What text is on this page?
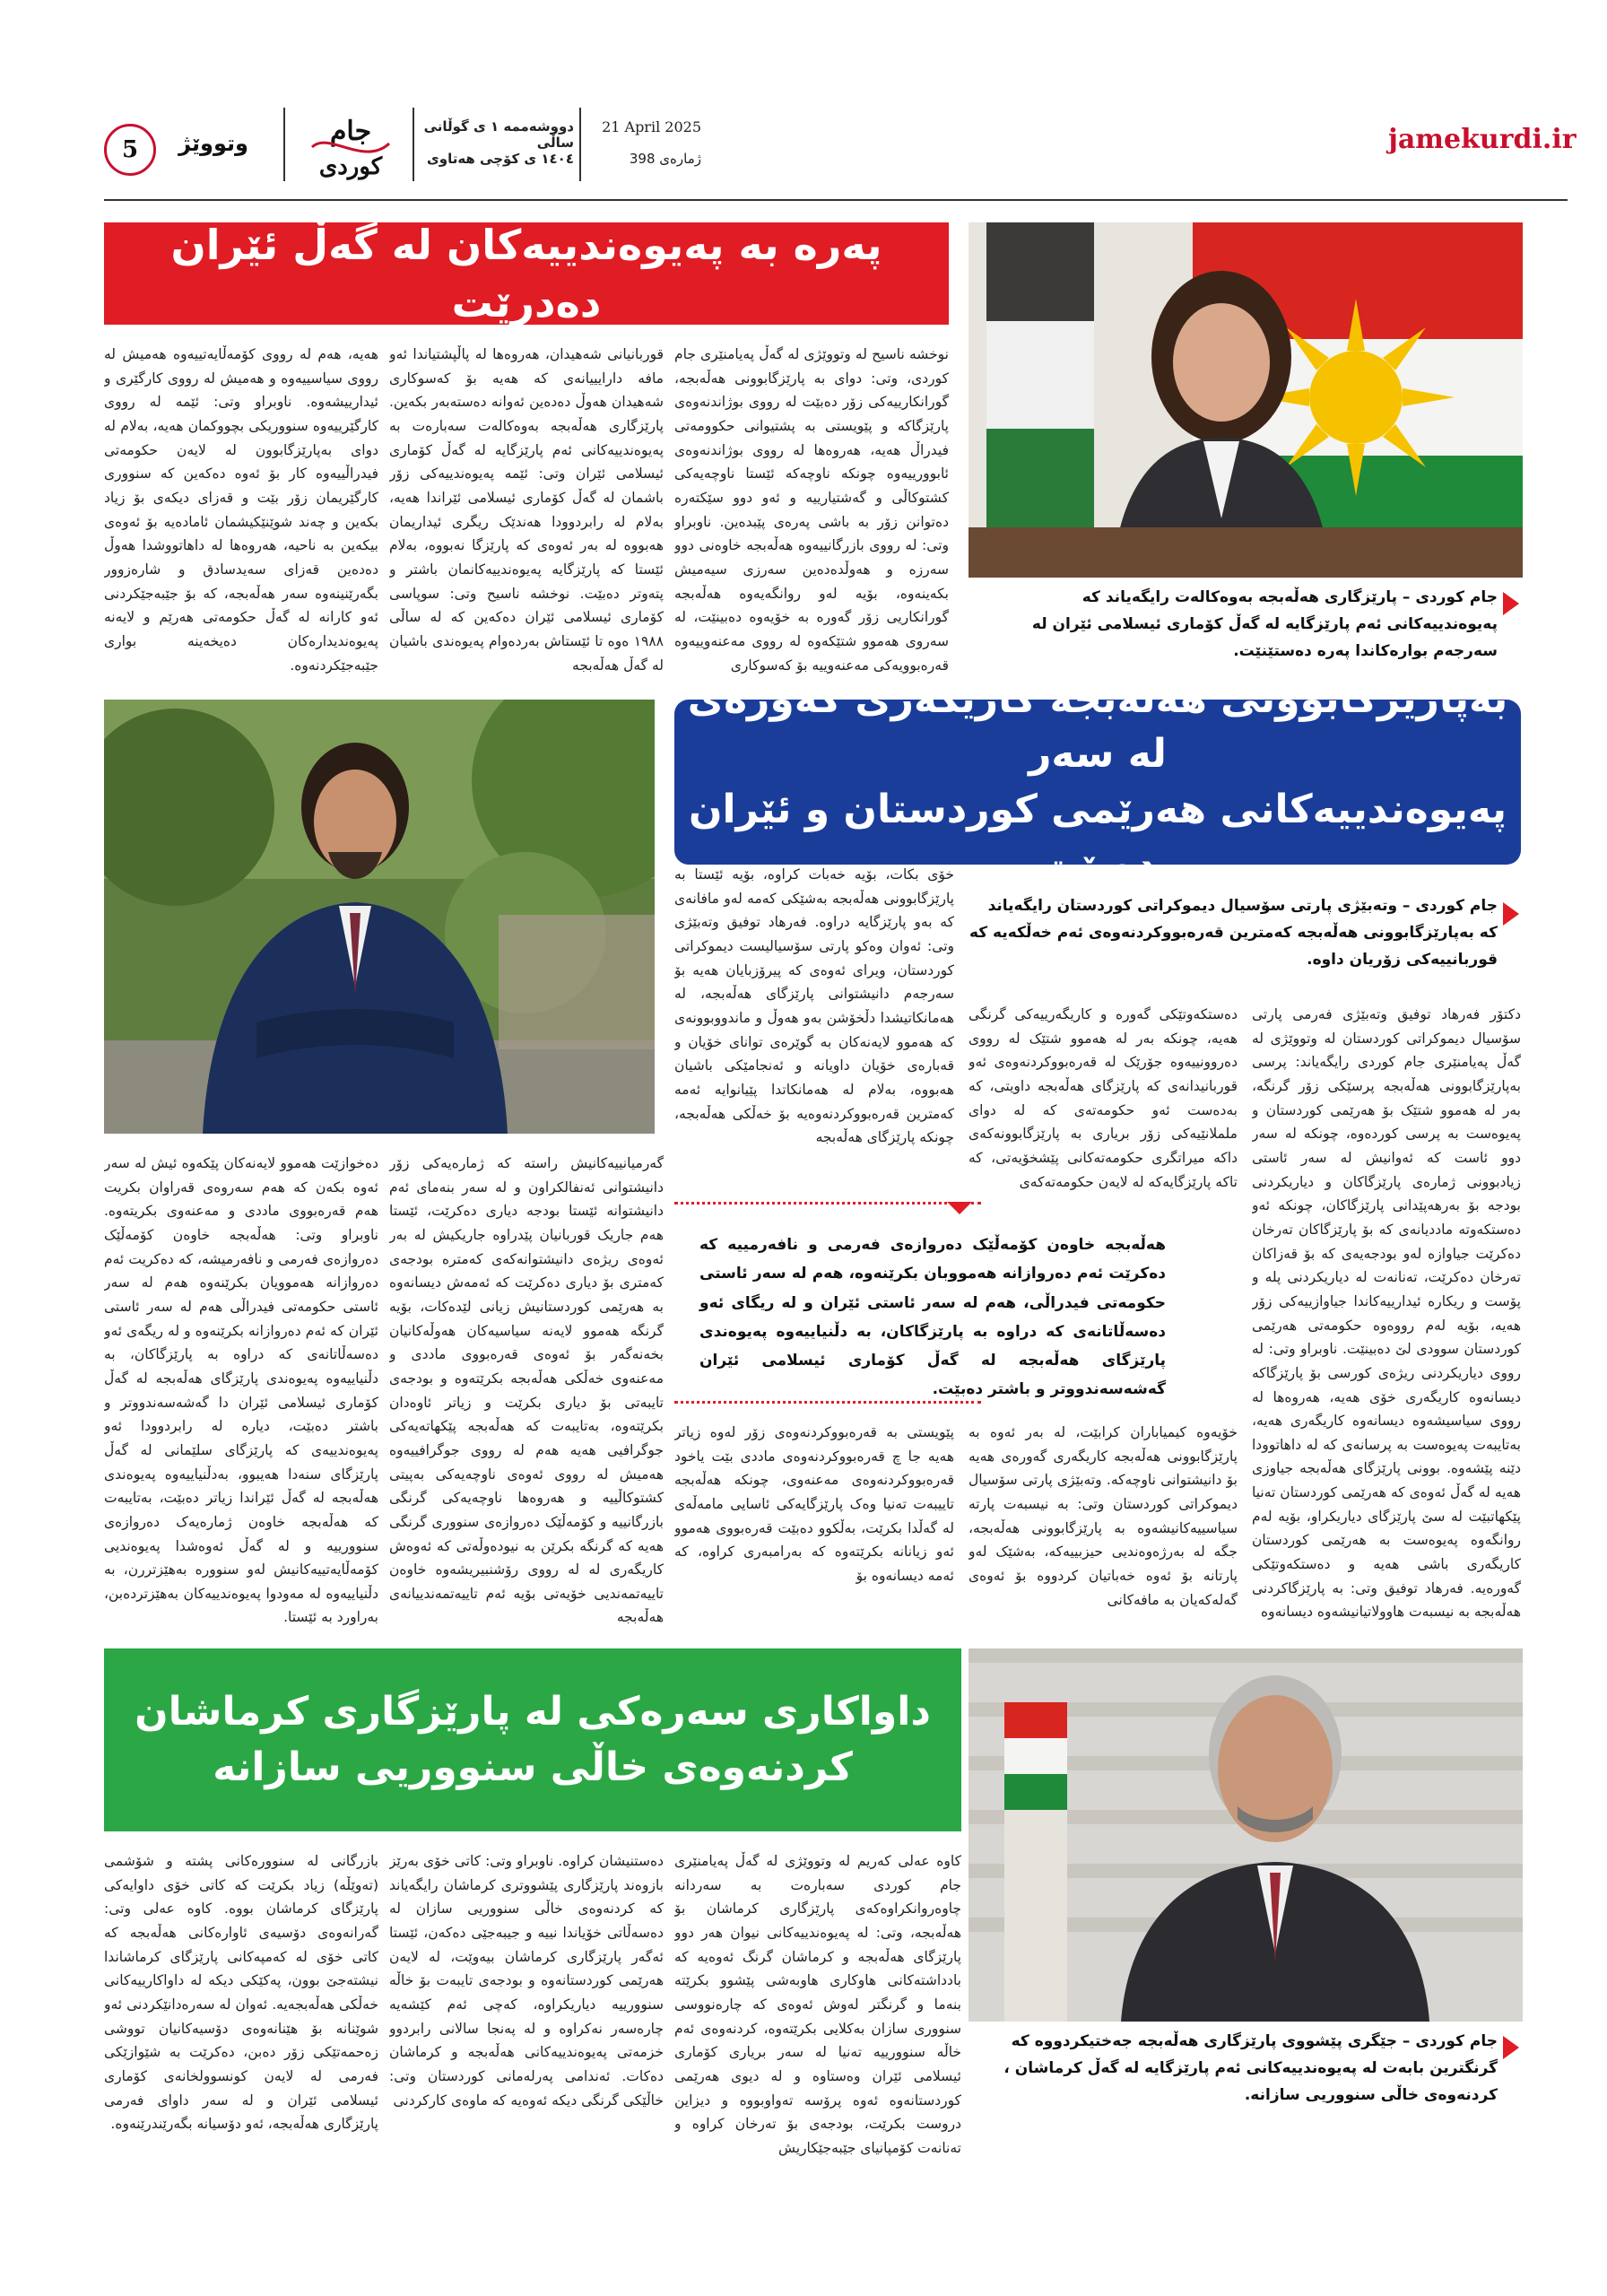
jamekurdi.ir
5	وتووێژ	جام
کوردی
دووشەممە ١ ی گوڵانی ساڵی
١٤٠٤ ی کۆچی هەتاوی
21 April 2025
ژمارەی 398
جام کوردی – پارێزگاری هەڵەبجە بەوەکالەت رایگەیاند کە پەیوەندییەکانی ئەم پارێزگایە لە گەڵ کۆماری ئیسلامی ئێران لە سەرجەم بوارەکاندا پەرە دەستێنێت.
پەرە بە پەیوەندییەکان لە گەڵ ئێران دەدرێت
نوخشە ناسیح لە وتووێژی لە گەڵ پەیامنێری جام کوردی، وتی: دوای بە پارێزگابوونی هەڵەبجە، گورانکارییەکی زۆر دەبێت لە رووی بوژاندنەوەی پارێزگاکە و پێویستی بە پشتیوانی حکوومەتی فیدراڵ هەیە، هەروەها لە رووی بوژاندنەوەی ئابوورییەوە چونکە ناوچەکە ئێستا ناوچەیەکی کشتوکاڵی و گەشتیارییە و ئەو دوو سێکتەرە دەتوانن زۆر بە باشی پەرەی پێبدەین. ناوبراو وتی: لە رووی بازرگانییەوە هەڵەبجە خاوەنی دوو سەرزە و هەوڵدەدەین سەرزی سیەمیش بکەینەوە، بۆیە لەو روانگەیەوە هەڵەبجە گورانکاریی زۆر گەورە بە خۆیەوە دەبینێت، لە سەروی هەموو شتێکەوە لە رووی مەعنەوییەوە قەرەبوویەکی مەعنەوییە بۆ کەسوکاری
قوربانیانی شەهیدان، هەروەها لە پاڵپشتیاندا ئەو مافە دارایییانەی کە هەیە بۆ کەسوکاری شەهیدان هەوڵ دەدەین ئەوانە دەستەبەر بکەین. پارێزگاری هەڵەبجە بەوەکالەت سەبارەت بە پەیوەندییەکانی ئەم پارێزگایە لە گەڵ کۆماری ئیسلامی ئێران وتی: ئێمە پەیوەندییەکی زۆر باشمان لە گەڵ کۆماری ئیسلامی ئێراندا هەیە، بەلام لە رابردوودا هەندێک ریگری ئیداریمان هەبووە لە بەر ئەوەی کە پارێزگا نەبووە، بەلام ئێستا کە پارێزگایە پەیوەندییەکانمان باشتر و پتەوتر دەبێت. نوخشە ناسیح وتی: سوپاسی کۆماری ئیسلامی ئێران دەکەین کە لە ساڵی ١٩٨٨ ەوە تا ئێستاش بەردەوام پەیوەندی باشیان لە گەڵ هەڵەبجە
هەیە، هەم لە رووی کۆمەڵایەتییەوە هەمیش لە رووی سیاسییەوە و هەمیش لە رووی کارگێری و ئیدارییشەوە. ناوبراو وتی: ئێمە لە رووی کارگێرییەوە سنووریکی بچووکمان هەیە، بەلام لە دوای بەپارێزگابوون لە لایەن حکومەتی فیدراڵییەوە کار بۆ ئەوە دەکەین کە سنووری کارگێریمان زۆر بێت و قەزای دیکەی بۆ زیاد بکەین و چەند شوێنێکیشمان ئامادەیە بۆ ئەوەی بیکەین بە ناحیە، هەروەها لە داهاتووشدا هەوڵ دەدەین قەزای سەیدسادق و شارەزوور بگەرێنینەوە سەر هەڵەبجە، کە بۆ جێبەجێکردنی ئەو کارانە لە گەڵ حکومەتی هەرێم و لایەنە پەیوەندیدارەکان دەیخەینە بواری جێبەجێکردنەوە.
بەپارێزگابوونی هەڵەبجە کاریگەری گەورەی لە سەر
پەیوەندییەکانی هەرێمی کوردستان و ئێران دەبێت
جام کوردی – وتەبێژی پارتی سۆسیال دیموکراتی کوردستان رایگەیاند کە بەپارێزگابوونی هەڵەبجە کەمترین قەرەبووکردنەوەی ئەم خەڵکەیە کە قوربانییەکی زۆریان داوە.
خۆی بکات، بۆیە خەبات کراوە، بۆیە ئێستا بە پارێزگابوونی هەڵەبجە بەشێکی کەمە لەو مافانەی کە بەو پارێزگایە دراوە. فەرهاد توفیق وتەبێژی وتی: ئەوان وەکو پارتی سۆسیالیست دیموکراتی کوردستان، ویرای ئەوەی کە پیرۆزبایان هەیە بۆ سەرجەم دانیشتوانی پارێزگای هەڵەبجە، لە هەمانکاتیشدا دڵخۆشن بەو هەوڵ و ماندووبوونەی کە هەموو لایەنەکان بە گوێرەی توانای خۆیان و قەبارەی خۆیان داویانە و ئەنجامێکی باشیان هەبووە، بەلام لە هەمانکاتدا پێیانوایە ئەمە کەمترین قەرەبووکردنەوەیە بۆ خەڵکی هەڵەبجە، چونکە پارێزگای هەڵەبجە
دەستکەوتێکی گەورە و کاریگەرییەکی گرنگی هەیە، چونکە بەر لە هەموو شتێک لە رووی دەروونییەوە جۆرێک لە قەرەبووکردنەوەی ئەو قوربانیدانەی کە پارێزگای هەڵەبجە داویتی، کە بەدەست ئەو حکومەتەی کە لە دوای ململانێیەکی زۆر بریاری بە پارێزگابوونەکەی داکە میراتگری حکومەتەکانی پێشخۆیەتی، کە تاکە پارێزگایەکە لە لایەن حکومەتەکەی
دکتۆر فەرهاد توفیق وتەبێژی فەرمی پارتی سۆسیال دیموکراتی کوردستان لە وتووێژی لە گەڵ پەیامنێری جام کوردی رایگەیاند: پرسی بەپارێزگابوونی هەڵەبجە پرسێکی زۆر گرنگە، بەر لە هەموو شتێک بۆ هەرێمی کوردستان و پەیوەست بە پرسی کوردەوە، چونکە لە سەر دوو ئاست کە ئەوانیش لە سەر ئاستی زیادبوونی ژمارەی پارێزگاکان و دیاریکردنی بودجە بۆ بەرهەپێدانی پارێزگاکان، چونکە ئەو دەستکەوتە ماددیانەی کە بۆ پارێزگاکان تەرخان دەکرێت جیاوازە لەو بودجەیەی کە بۆ قەزاکان تەرخان دەکرێت، تەنانەت لە دیاریکردنی پلە و پۆست و ریکارە ئیدارییەکاندا جیاوازییەکی زۆر هەیە، بۆیە لەم رووەوە حکومەتی هەرێمی کوردستان سوودی لێ دەبینێت. ناوبراو وتی: لە رووی دیاریکردنی ریژەی کورسی بۆ پارێزگاکە دیسانەوە کاریگەری خۆی هەیە، هەروەها لە رووی سیاسیشەوە دیسانەوە کاریگەری هەیە، بەتایبەت پەیوەست بە پرسانەی کە لە داهاتوودا دێنە پێشەوە. بوونی پارێزگای هەڵەبجە جیاوزی هەیە لە گەڵ ئەوەی کە هەرێمی کوردستان تەنیا پێکهاتبێت لە سێ پارێزگای دیاریکراو، بۆیە لەم روانگەوە پەیوەست بە هەرێمی کوردستان کاریگەری باشی هەیە و دەستکەوتێکی گەورەیە. فەرهاد توفیق وتی: بە پارێزگاکردنی هەڵەبجە بە نیسبەت هاوولاتیانیشەوە دیسانەوە
هەڵەبجە خاوەن کۆمەڵێک دەروازەی فەرمی و نافەرمییە کە دەکرێت ئەم دەروازانە هەمووبان بکرێنەوە، هەم لە سەر ئاستی حکومەتی فیدراڵی، هەم لە سەر ئاستی ئێران و لە ریگای ئەو دەسەڵاتانەی کە دراوە بە پارێزگاکان، بە دڵنیاییەوە پەیوەندی پارێزگای هەڵەبجە لە گەڵ کۆماری ئیسلامی ئێران گەشەسەندووتر و باشتر دەبێت.
خۆیەوە کیمیاباران کرابێت، لە بەر ئەوە بە پارێزگابوونی هەڵەبجە کاریگەری گەورەی هەیە بۆ دانیشتوانی ناوچەکە. وتەبێژی پارتی سۆسیال دیموکراتی کوردستان وتی: بە نیسبەت پارتە سیاسییەکانیشەوە بە پارێزگابوونی هەڵەبجە، جگە لە بەرژەوەندیی حیزبییەکە، بەشێک لەو پارتانە بۆ ئەوە خەباتیان کردووە بۆ ئەوەی گەلەکەیان بە مافەکانی
پێویستی بە قەرەبووکردنەوەی زۆر لەوە زیاتر هەیە جا چ قەرەبووکردنەوەی ماددی بێت یاخود قەرەبووکردنەوەی مەعنەوی، چونکە هەڵەبجە تاییبەت تەنیا وەک پارێزگایەکی ئاسایی مامەڵەی لە گەڵدا بکرێت، بەڵکوو دەبێت قەرەبووی هەموو ئەو زیانانە بکرێتەوە کە بەرامبەری کراوە، کە ئەمە دیسانەوە بۆ
گەرمیانییەکانیش راستە کە ژمارەیەکی زۆر دانیشتوانی ئەنفالکراون و لە سەر بنەمای ئەم دانیشتوانە ئێستا بودجە دیاری دەکرێت، ئێستا هەم جاریک قوربانیان پێدراوە جاریکیش لە بەر ئەوەی ریژەی دانیشتوانەکەی کەمترە بودجەی کەمتری بۆ دیاری دەکرێت کە ئەمەش دیسانەوە بە هەرێمی کوردستانیش زیانی لێدەکات، بۆیە گرنگە هەموو لایەنە سیاسیەکان هەوڵەکانیان بخەنەگەر بۆ ئەوەی قەرەبووی ماددی و مەعنەوی خەڵکی هەڵەبجە بکرێتەوە و بودجەی تایبەتی بۆ دیاری بکرێت و زیاتر ئاوەدان بکرێتەوە، بەتایبەت کە هەڵەبجە پێکهاتەیەکی جوگرافیی هەیە هەم لە رووی جوگرافییەوە هەمیش لە رووی ئەوەی ناوچەیەکی بەپیتی کشتوکاڵییە و هەروەها ناوچەیەکی گرنگی بازرگانییە و کۆمەڵێک دەروازەی سنووری گرنگی هەیە کە گرنگە بکرێن بە نیودەوڵەتی کە ئەوەش کاریگەری لە لە رووی رۆشنبیریشەوە خاوەن تاییەتمەندیی خۆیەتی بۆیە ئەم تاییەتمەندییانەی هەڵەبجە
دەخوازێت هەموو لایەنەکان پێکەوە ئیش لە سەر ئەوە بکەن کە هەم سەروەی قەراوان بکریت هەم قەرەبووی ماددی و مەعنەوی بکریتەوە. ناوبراو وتی: هەڵەبجە خاوەن کۆمەڵێک دەروازەی فەرمی و نافەرمیشە، کە دەکریت ئەم دەروازانە هەموویان بکرێنەوە هەم لە سەر ئاستی حکومەتی فیدراڵی هەم لە سەر ئاستی ئێران کە ئەم دەروازانە بکرێنەوە و لە ریگەی ئەو دەسەڵاتانەی کە دراوە بە پارێزگاکان، بە دڵنیاییەوە پەیوەندی پارێزگای هەڵەبجە لە گەڵ کۆماری ئیسلامی ئێران دا گەشەسەندووتر و باشتر دەبێت، دیارە لە رابردوودا ئەو پەیوەندییەی کە پارێزگای سلێمانی لە گەڵ پارێزگای سنەدا هەیبوو، بەدڵنیاییەوە پەیوەندی هەڵەبجە لە گەڵ ئێراندا زیاتر دەبێت، بەتایبەت کە هەڵەبجە خاوەن ژمارەیەک دەروازەی سنوورییە و لە گەڵ ئەوەشدا پەیوەندیی کۆمەڵایەتییەکانیش لەو سنووره بەهێزتررن، بە دڵنیاییەوە لە مەودوا پەیوەندییەکان بەهێزتردەبن، بەراورد بە ئێستا.
جام کوردی – جێگری پێشووی پارێزگاری هەڵەبجە جەختیکردووە کە گرنگترین بابەت لە پەیوەندییەکانی ئەم پارێزگایە لە گەڵ کرماشان ، کردنەوەی خاڵی سنووریی سازانە.
داواکاری سەرەکی لە پارێزگاری کرماشان
کردنەوەی خاڵی سنووریی سازانە
کاوە عەلی کەریم لە وتووێژی لە گەڵ پەیامنێری جام کوردی سەبارەت بە سەردانە چاوەروانکراوەکەی پارێزگاری کرماشان بۆ هەڵەبجە، وتی: لە پەیوەندییەکانی نیوان هەر دوو پارێزگای هەڵەبجە و کرماشان گرنگ ئەوەیە کە بادداشتەکانی هاوکاری هاوبەشی پێشوو بکرێتە بنەما و گرنگتر لەوش ئەوەی کە چارەنووسی سنووری سازان بەکلایی بکرێتەوە، کردنەوەی ئەم خاڵە سنوورییە تەنیا لە سەر بریاری کۆماری ئیسلامی ئێران وەستاوە و لە دیوی هەرێمی کوردستانەوە ئەوە پرۆسە تەواوبووە و دیزاین دروست بکرێت، بودجەی بۆ تەرخان کراوە و تەنانەت کۆمپانیای جێبەجێکاریش
دەستنیشان کراوە. ناوبراو وتی: کاتی خۆی بەرێز بازوەند پارێزگاری پێشووتری کرماشان رایگەیاند کە کردنەوەی خاڵی سنووریی سازان لە دەسەڵاتی خۆیاندا نییە و جیبەجێی دەکەن، ئێستا ئەگەر پارێزگاری کرماشان بیەوێت، لە لایەن هەرێمی کوردستانەوە و بودجەی تایبەت بۆ خاڵە سنوورییە دیاریکراوە، کەچی ئەم کێشەیە چارەسەر نەکراوە و لە پەنجا سالانی رابردوو خزمەتی پەیوەندییەکانی هەڵەبجە و کرماشان دەکات. ئەندامی پەرلەمانی کوردستان وتی: خاڵێکی گرنگی دیکە ئەوەیە کە ماوەی کارکردنی
بازرگانی لە سنوورەکانی پشتە و شۆشمی (تەوێڵە) زیاد بکرێت کە کاتی خۆی داوایەکی پارێزگای کرماشان بووە. کاوە عەلی وتی: گەرانەوەی دۆسیەی ئاوارەکانی هەڵەبجە کە کاتی خۆی لە کەمپەکانی پارێزگای کرماشاندا نیشتەجێ بوون، پەکێکی دیکە لە داواکارییەکانی خەڵکی هەڵەبجەیە. ئەوان لە سەرەدانێکردنی ئەو شوێنانە بۆ هێنانەوەی دۆسیەکانیان تووشی زەحمەتێکی زۆر دەبن، دەکرێت بە شێوازێکی فەرمی لە لایەن کونسوولخانەی کۆماری ئیسلامی ئێران و لە سەر داوای فەرمی پارێزگاری هەڵەبجە، ئەو دۆسیانە بگەرێندرێنەوە.
